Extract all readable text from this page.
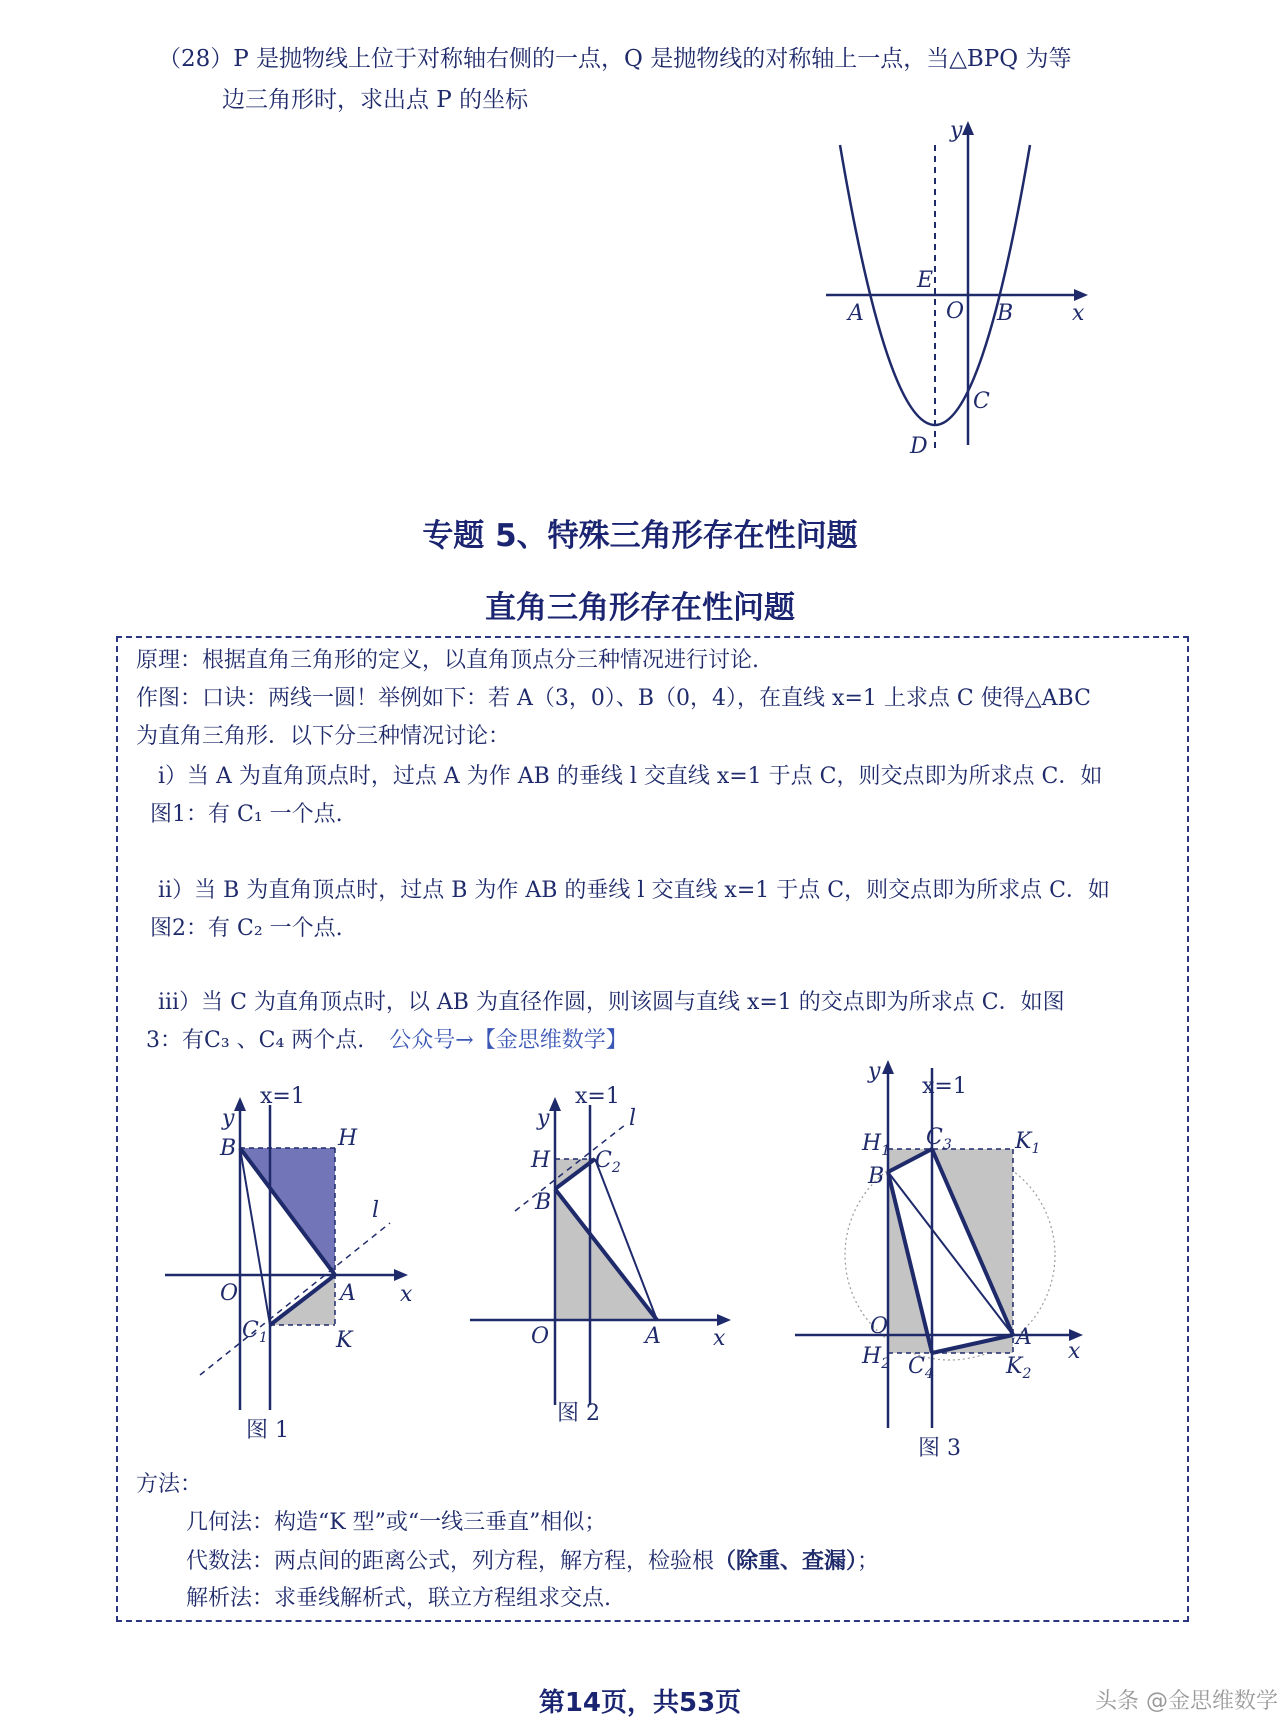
（28）P 是抛物线上位于对称轴右侧的一点，Q 是抛物线的对称轴上一点，当△BPQ 为等
边三角形时，求出点 P 的坐标
y
x
E
O
A	B
C
D
专题 5、特殊三角形存在性问题
直角三角形存在性问题
原理：根据直角三角形的定义，以直角顶点分三种情况进行讨论.
作图：口诀：两线一圆！举例如下：若 A（3，0）、B（0，4），在直线 x=1 上求点 C 使得△ABC
为直角三角形．以下分三种情况讨论：
ⅰ）当 A 为直角顶点时，过点 A 为作 AB 的垂线 l 交直线 x=1 于点 C，则交点即为所求点 C．如
图1：有 C₁ 一个点.
ⅱ）当 B 为直角顶点时，过点 B 为作 AB 的垂线 l 交直线 x=1 于点 C，则交点即为所求点 C．如
图2：有 C₂ 一个点.
ⅲ）当 C 为直角顶点时，以 AB 为直径作圆，则该圆与直线 x=1 的交点即为所求点 C．如图
3：有C₃ 、C₄ 两个点. 公众号→【金思维数学】
y
x=1
B	H
l
O	A x
$C_1$	K
图 1
y
x=1
l
H $C_2$
B
O	A x
图 2
y
x=1
$H_1$
$C_3$	$K_1$
B
O	A
x
$H_2$ $C_4$	$K_2$
图 3
方法：
几何法：构造“K 型”或“一线三垂直”相似；
代数法：两点间的距离公式，列方程，解方程，检验根（除重、查漏）；
解析法：求垂线解析式，联立方程组求交点.
第14页，共53页	头条 @金思维数学
